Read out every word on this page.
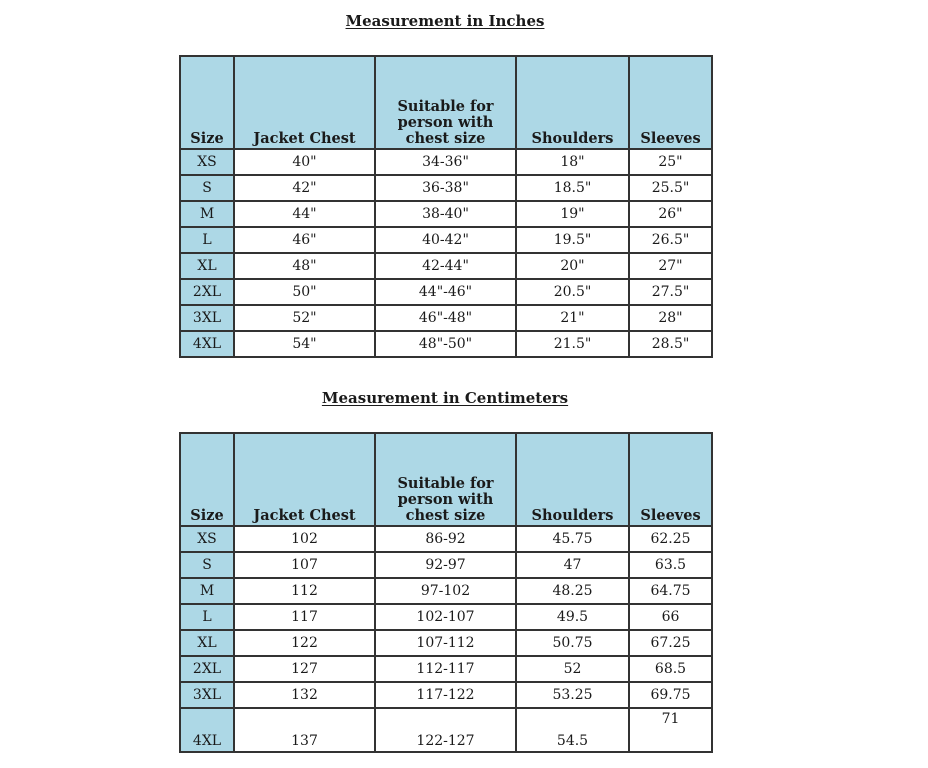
Measurement in Inches
Size	Jacket Chest	Suitable for person with chest size	Shoulders	Sleeves
XS	40"	34-36"	18"	25"
S	42"	36-38"	18.5"	25.5"
M	44"	38-40"	19"	26"
L	46"	40-42"	19.5"	26.5"
XL	48"	42-44"	20"	27"
2XL	50"	44"-46"	20.5"	27.5"
3XL	52"	46"-48"	21"	28"
4XL	54"	48"-50"	21.5"	28.5"
Measurement in Centimeters
Size	Jacket Chest	Suitable for person with chest size	Shoulders	Sleeves
XS	102	86-92	45.75	62.25
S	107	92-97	47	63.5
M	112	97-102	48.25	64.75
L	117	102-107	49.5	66
XL	122	107-112	50.75	67.25
2XL	127	112-117	52	68.5
3XL	132	117-122	53.25	69.75
4XL	137	122-127	54.5	71
